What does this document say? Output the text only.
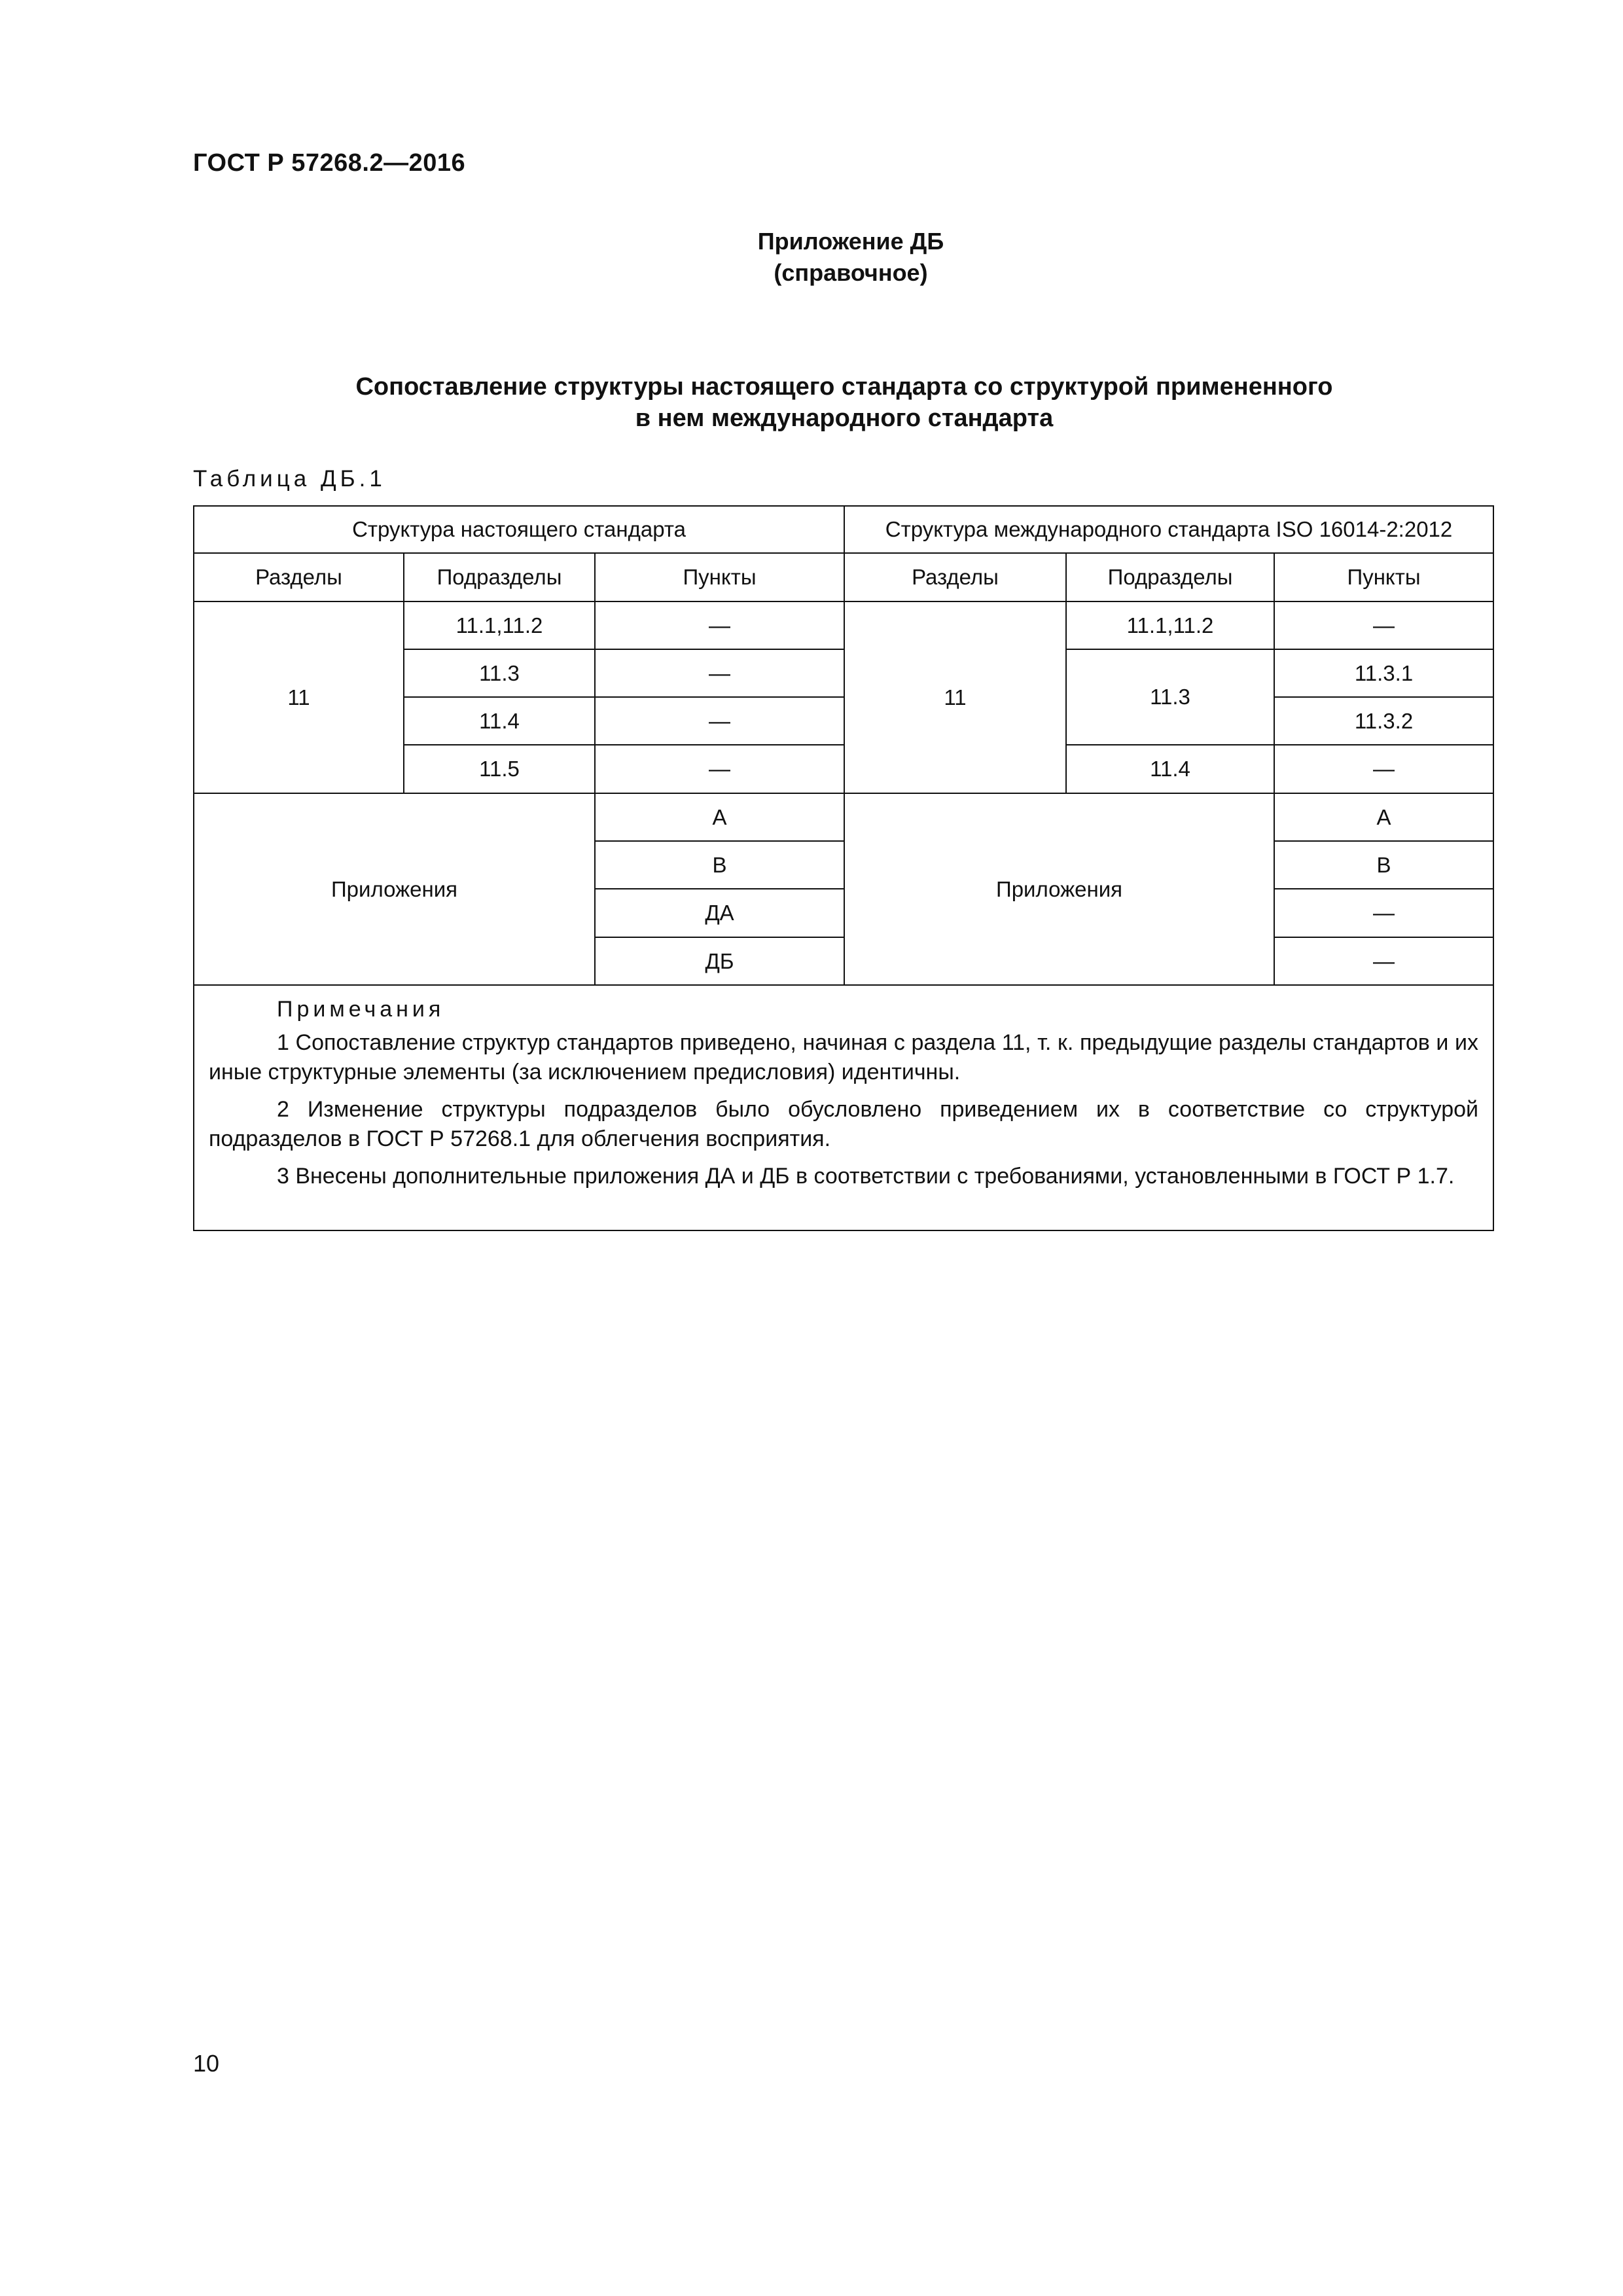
ГОСТ Р 57268.2—2016
Приложение ДБ
(справочное)
Сопоставление структуры настоящего стандарта со структурой примененного
в нем международного стандарта
Таблица ДБ.1
Структура настоящего стандарта			Структура международного стандарта ISO 16014-2:2012		
Разделы	Подразделы	Пункты	Разделы	Подразделы	Пункты
11	11.1,11.2	—	11	11.1,11.2	—
	11.3	—		11.3	11.3.1
	11.4	—			11.3.2
	11.5	—		11.4	—
Приложения		A	Приложения		A
		B			B
		ДА			—
		ДБ			—

Примечания
1 Сопоставление структур стандартов приведено, начиная с раздела 11, т. к. предыдущие разделы стандартов и их иные структурные элементы (за исключением предисловия) идентичны.
2 Изменение структуры подразделов было обусловлено приведением их в соответствие со структурой подразделов в ГОСТ Р 57268.1 для облегчения восприятия.
3 Внесены дополнительные приложения ДА и ДБ в соответствии с требованиями, установленными в ГОСТ Р 1.7.					
10
